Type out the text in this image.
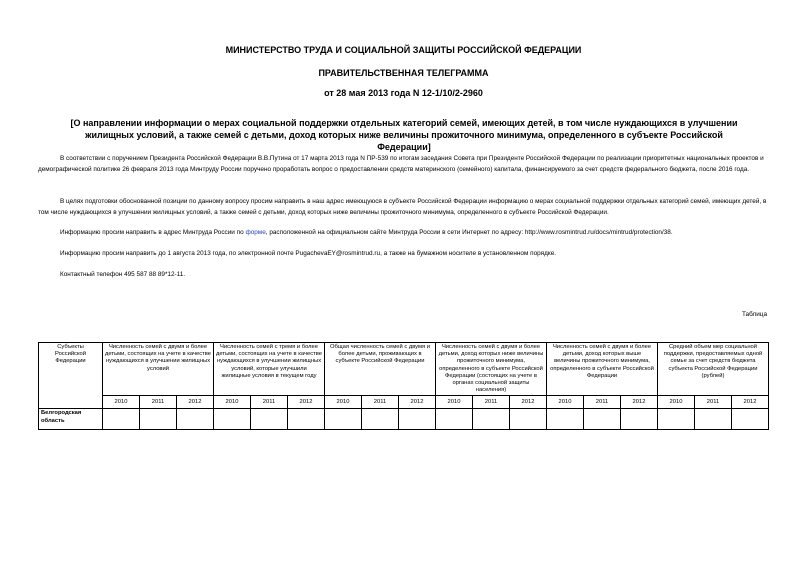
МИНИСТЕРСТВО ТРУДА И СОЦИАЛЬНОЙ ЗАЩИТЫ РОССИЙСКОЙ ФЕДЕРАЦИИ
ПРАВИТЕЛЬСТВЕННАЯ ТЕЛЕГРАММА
от 28 мая 2013 года N 12-1/10/2-2960
[О направлении информации о мерах социальной поддержки отдельных категорий семей, имеющих детей, в том числе нуждающихся в улучшении жилищных условий, а также семей с детьми, доход которых ниже величины прожиточного минимума, определенного в субъекте Российской Федерации]
В соответствии с поручением Президента Российской Федерации В.В.Путина от 17 марта 2013 года N ПР-539 по итогам заседания Совета при Президенте Российской Федерации по реализации приоритетных национальных проектов и демографической политике 26 февраля 2013 года Минтруду России поручено проработать вопрос о предоставлении средств материнского (семейного) капитала, финансируемого за счет средств федерального бюджета, после 2016 года.
В целях подготовки обоснованной позиции по данному вопросу просим направить в наш адрес имеющуюся в субъекте Российской Федерации информацию о мерах социальной поддержки отдельных категорий семей, имеющих детей, в том числе нуждающихся в улучшении жилищных условий, а также семей с детьми, доход которых ниже величины прожиточного минимума, определенного в субъекте Российской Федерации.
Информацию просим направить в адрес Минтруда России по форме, расположенной на официальном сайте Минтруда России в сети Интернет по адресу: http://www.rosmintrud.ru/docs/mintrud/protection/38.
Информацию просим направить до 1 августа 2013 года, по электронной почте PugachevaEY@rosmintrud.ru, а также на бумажном носителе в установленном порядке.
Контактный телефон 495 587 88 89*12-11.
Таблица
Субъекты Российской Федерации	Численность семей с двумя и более детьми, состоящих на учете в качестве нуждающихся в улучшении жилищных условий			Численность семей с тремя и более детьми, состоящих на учете в качестве нуждающихся в улучшении жилищных условий, которые улучшили жилищные условия в текущем году			Общая численность семей с двумя и более детьми, проживающих в субъекте Российской Федерации			Численность семей с двумя и более детьми, доход которых ниже величины прожиточного минимума, определенного в субъекте Российской Федерации (состоящих на учете в органах социальной защиты населения)			Численность семей с двумя и более детьми, доход которых выше величины прожиточного минимума, определенного в субъекте Российской Федерации			Средний объем мер социальной поддержки, предоставляемых одной семье за счет средств бюджета субъекта Российской Федерации (рублей)		
	2010	2011	2012	2010	2011	2012	2010	2011	2012	2010	2011	2012	2010	2011	2012	2010	2011	2012
Белгородская область																		
